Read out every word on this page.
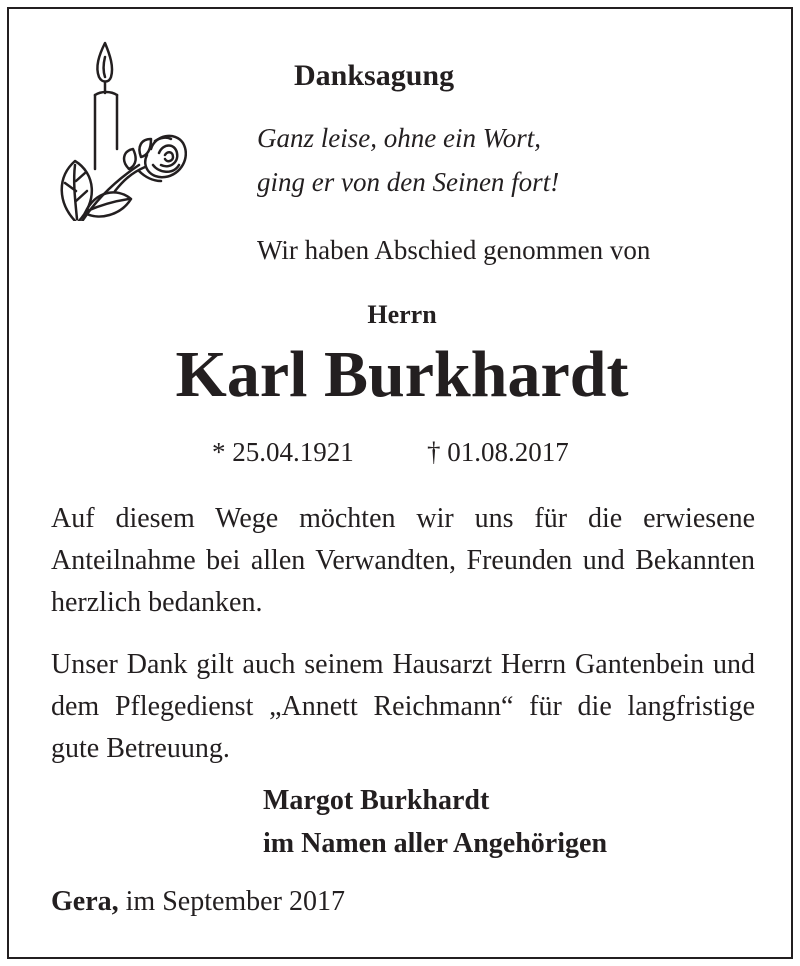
Danksagung
Ganz leise, ohne ein Wort,
ging er von den Seinen fort!
Wir haben Abschied genommen von
Herrn
Karl Burkhardt
* 25.04.1921	† 01.08.2017
Auf diesem Wege möchten wir uns für die erwiesene Anteilnahme bei allen Verwandten, Freunden und Bekannten herzlich bedanken.
Unser Dank gilt auch seinem Hausarzt Herrn Gantenbein und dem Pflegedienst „Annett Reichmann“ für die langfristige gute Betreuung.
Margot Burkhardt
im Namen aller Angehörigen
Gera, im September 2017
